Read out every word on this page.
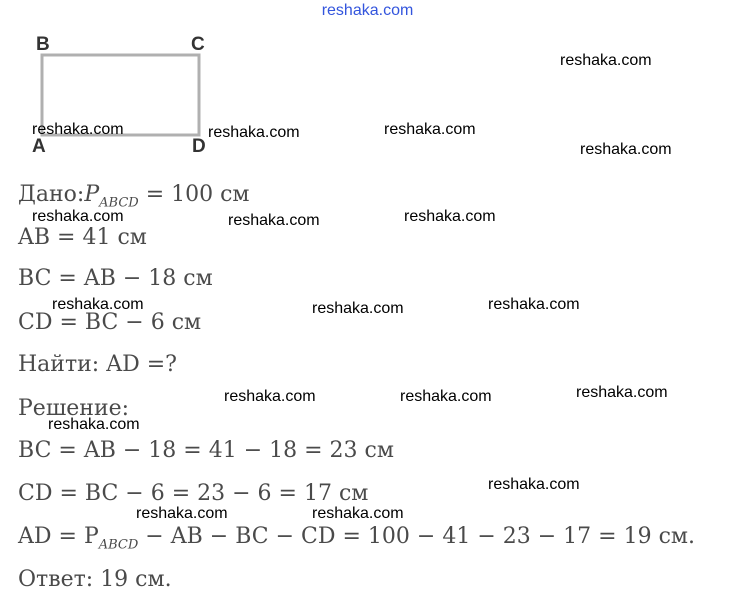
reshaka.com
B	C
A	D
reshaka.com
reshaka.com	reshaka.com	reshaka.com
reshaka.com
reshaka.com	reshaka.com	reshaka.com
reshaka.com	reshaka.com	reshaka.com
reshaka.com	reshaka.com	reshaka.com
reshaka.com
reshaka.com
reshaka.com	reshaka.com
$Дано:P_{ABCD} = 100$ см
AB = 41 см
BC = AB − 18 см
CD = BC − 6 см
Найти: AD =?
Решение:
BC = AB − 18 = 41 − 18 = 23 см
CD = BC − 6 = 23 − 6 = 17 см
AD = $P_{ABCD}$ − AB − BC − CD = 100 − 41 − 23 − 17 = 19 см.
Ответ: 19 см.
